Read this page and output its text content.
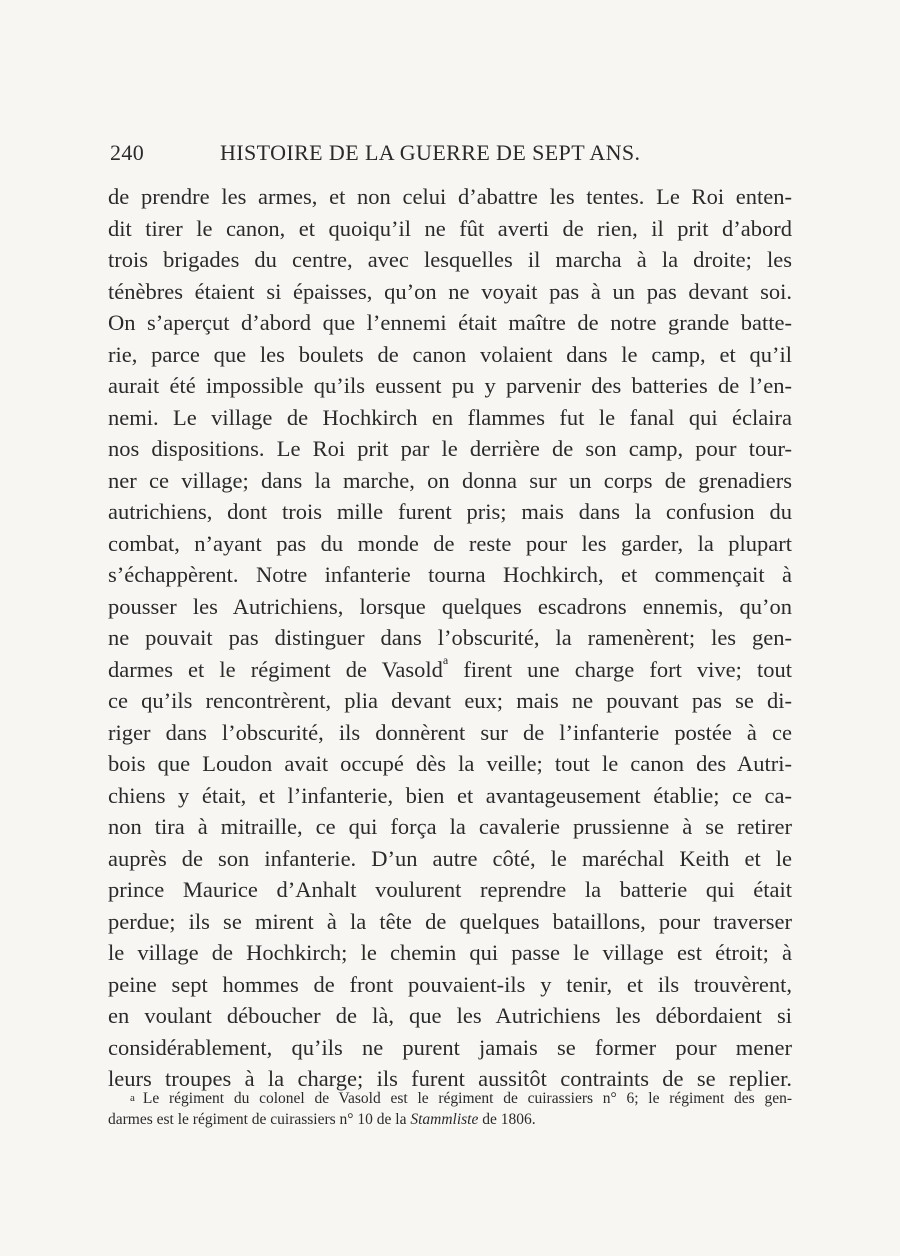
240	HISTOIRE DE LA GUERRE DE SEPT ANS.
de prendre les armes, et non celui d’abattre les tentes. Le Roi enten-
dit tirer le canon, et quoiqu’il ne fût averti de rien, il prit d’abord
trois brigades du centre, avec lesquelles il marcha à la droite; les
ténèbres étaient si épaisses, qu’on ne voyait pas à un pas devant soi.
On s’aperçut d’abord que l’ennemi était maître de notre grande batte-
rie, parce que les boulets de canon volaient dans le camp, et qu’il
aurait été impossible qu’ils eussent pu y parvenir des batteries de l’en-
nemi. Le village de Hochkirch en flammes fut le fanal qui éclaira
nos dispositions. Le Roi prit par le derrière de son camp, pour tour-
ner ce village; dans la marche, on donna sur un corps de grenadiers
autrichiens, dont trois mille furent pris; mais dans la confusion du
combat, n’ayant pas du monde de reste pour les garder, la plupart
s’échappèrent. Notre infanterie tourna Hochkirch, et commençait à
pousser les Autrichiens, lorsque quelques escadrons ennemis, qu’on
ne pouvait pas distinguer dans l’obscurité, la ramenèrent; les gen-
darmes et le régiment de Vasold$^a$ firent une charge fort vive; tout
ce qu’ils rencontrèrent, plia devant eux; mais ne pouvant pas se di-
riger dans l’obscurité, ils donnèrent sur de l’infanterie postée à ce
bois que Loudon avait occupé dès la veille; tout le canon des Autri-
chiens y était, et l’infanterie, bien et avantageusement établie; ce ca-
non tira à mitraille, ce qui força la cavalerie prussienne à se retirer
auprès de son infanterie. D’un autre côté, le maréchal Keith et le
prince Maurice d’Anhalt voulurent reprendre la batterie qui était
perdue; ils se mirent à la tête de quelques bataillons, pour traverser
le village de Hochkirch; le chemin qui passe le village est étroit; à
peine sept hommes de front pouvaient-ils y tenir, et ils trouvèrent,
en voulant déboucher de là, que les Autrichiens les débordaient si
considérablement, qu’ils ne purent jamais se former pour mener
leurs troupes à la charge; ils furent aussitôt contraints de se replier.
$^a$ Le régiment du colonel de Vasold est le régiment de cuirassiers n° 6; le régiment des gen-
darmes est le régiment de cuirassiers n° 10 de la Stammliste de 1806.
